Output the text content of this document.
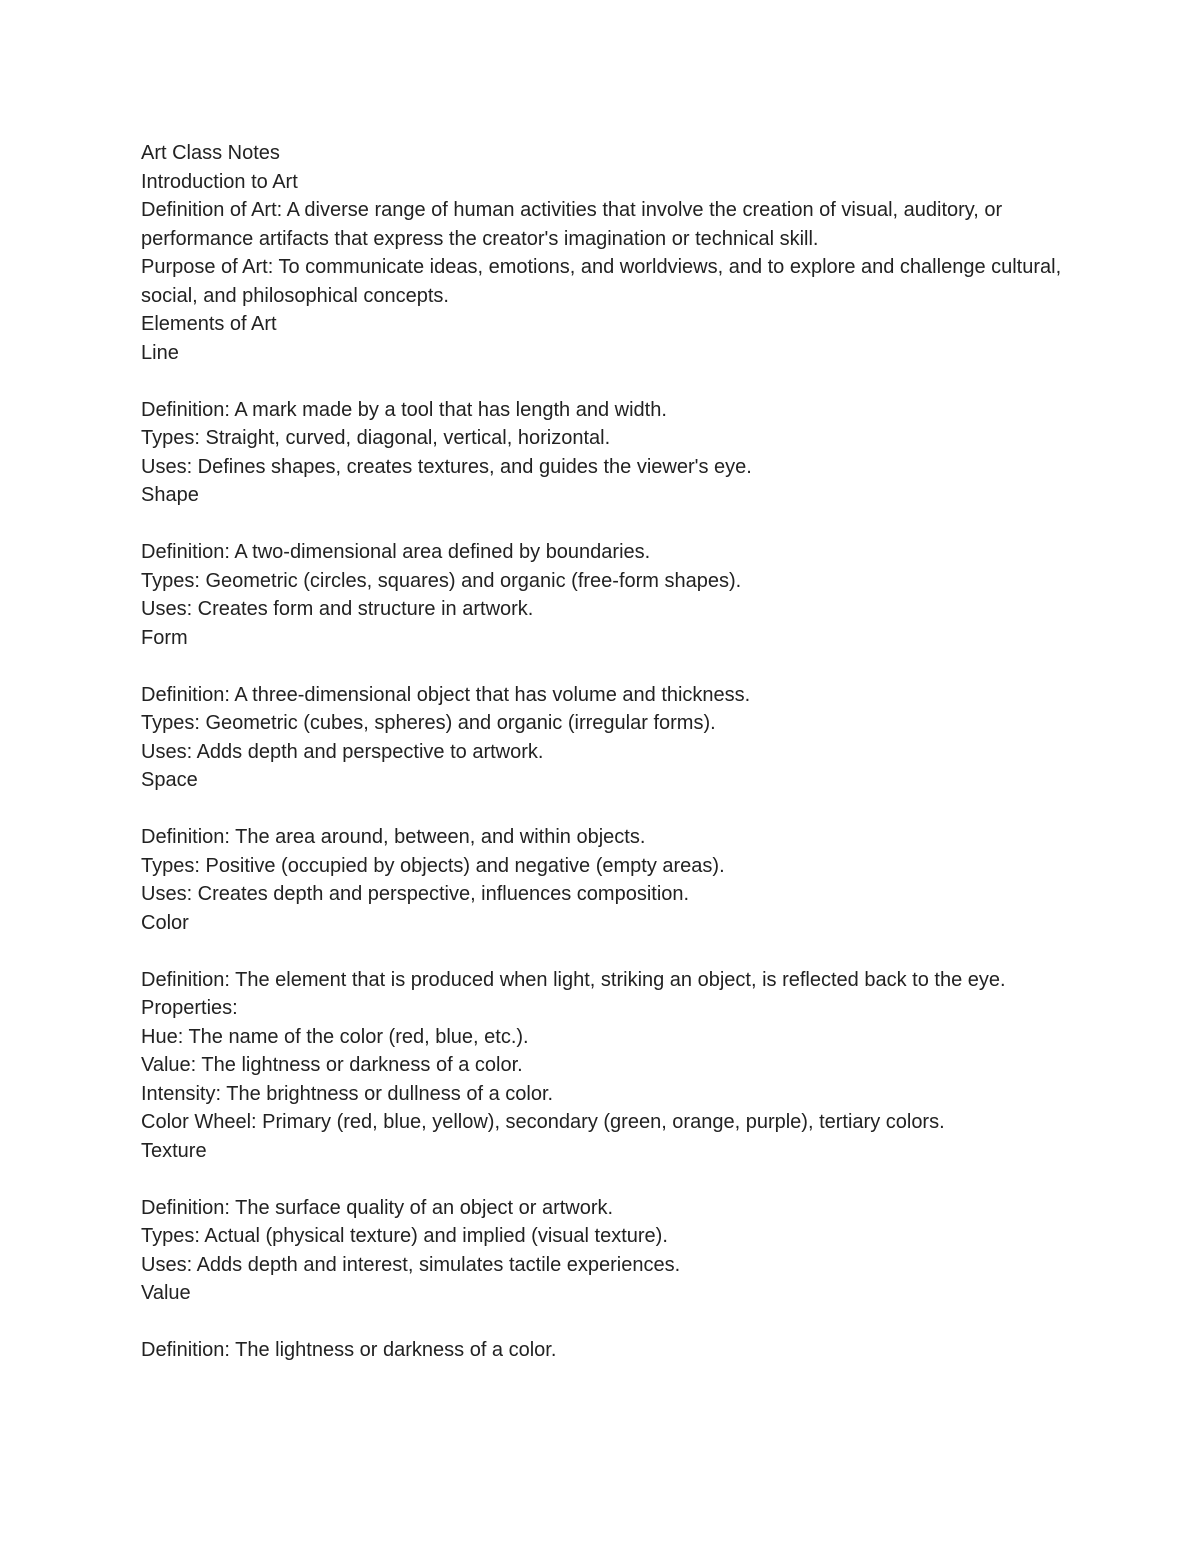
Art Class Notes

Introduction to Art

Definition of Art: A diverse range of human activities that involve the creation of visual, auditory, or performance artifacts that express the creator's imagination or technical skill.

Purpose of Art: To communicate ideas, emotions, and worldviews, and to explore and challenge cultural, social, and philosophical concepts.

Elements of Art

Line

Definition: A mark made by a tool that has length and width.

Types: Straight, curved, diagonal, vertical, horizontal.

Uses: Defines shapes, creates textures, and guides the viewer's eye.

Shape

Definition: A two-dimensional area defined by boundaries.

Types: Geometric (circles, squares) and organic (free-form shapes).

Uses: Creates form and structure in artwork.

Form

Definition: A three-dimensional object that has volume and thickness.

Types: Geometric (cubes, spheres) and organic (irregular forms).

Uses: Adds depth and perspective to artwork.

Space

Definition: The area around, between, and within objects.

Types: Positive (occupied by objects) and negative (empty areas).

Uses: Creates depth and perspective, influences composition.

Color

Definition: The element that is produced when light, striking an object, is reflected back to the eye.

Properties:

Hue: The name of the color (red, blue, etc.).

Value: The lightness or darkness of a color.

Intensity: The brightness or dullness of a color.

Color Wheel: Primary (red, blue, yellow), secondary (green, orange, purple), tertiary colors.

Texture

Definition: The surface quality of an object or artwork.

Types: Actual (physical texture) and implied (visual texture).

Uses: Adds depth and interest, simulates tactile experiences.

Value

Definition: The lightness or darkness of a color.
